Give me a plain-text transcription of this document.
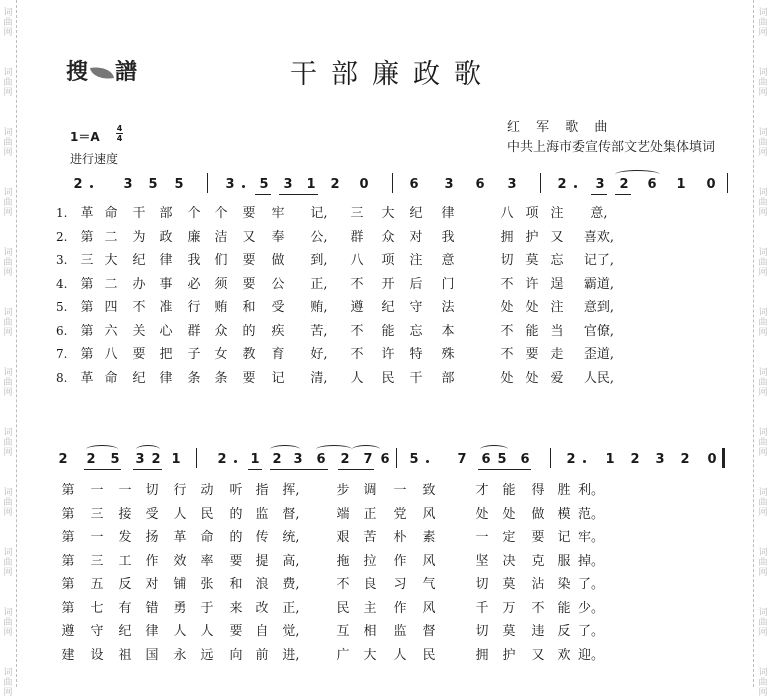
词
曲
网
词
曲
网
词
曲
网
词
曲
网
词
曲
网
词
曲
网
词
曲
网
词
曲
网
词
曲
网
词
曲
网
词
曲
网
词
曲
网
词
曲
网
词
曲
网
词
曲
网
词
曲
网
词
曲
网
词
曲
网
词
曲
网
词
曲
网
词
曲
网
词
曲
网
词
曲
网
词
曲
网
搜 譜	干部廉政歌
红 军 歌 曲
中共上海市委宣传部文艺处集体填词
1＝A
4
4
进行速度
2	3 5 5	3 5 3 1 2 0	6 3 6 3	2 3 2 6 1 0
1.	革 命	干	部	个	个	要	牢	记,	三	大	纪	律	八 项 注	意,
2.	第 二	为	政	廉	洁	又	奉	公,	群	众	对	我	拥 护 又	喜欢,
3.	三 大	纪	律	我	们	要	做	到,	八	项	注	意	切 莫 忘	记了,
4.	第 二	办	事	必	须	要	公	正,	不	开	后	门	不 许 逞	霸道,
5.	第 四	不	准	行	贿	和	受	贿,	遵	纪	守	法	处 处 注	意到,
6.	第 六	关	心	群	众	的	疾	苦,	不	能	忘	本	不 能 当	官僚,
7.	第 八	要	把	子	女	教	育	好,	不	许	特	殊	不 要 走	歪道,
8.	革 命	纪	律	条	条	要	记	清,	人	民	干	部	处 处 爱	人民,
2 2 5 3 2 1	2 1 2 3 6 2 7 6 5	7 6 5 6	2 1 2 3 2 0
第	一	一	切	行	动	听 指	挥,	步	调	一	致	才	能	得 胜 利。
第	三	接	受	人	民	的 监	督,	端	正	党	风	处	处	做 模 范。
第	一	发	扬	革	命	的 传	统,	艰	苦	朴	素	一	定	要 记 牢。
第	三	工	作	效	率	要 提	高,	拖	拉	作	风	坚	决	克 服 掉。
第	五	反	对	铺	张	和 浪	费,	不	良	习	气	切	莫	沾 染 了。
第	七	有	错	勇	于	来 改	正,	民	主	作	风	千	万	不 能 少。
遵	守	纪	律	人	人	要 自	觉,	互	相	监	督	切	莫	违 反 了。
建	设	祖	国	永	远	向 前	进,	广	大	人	民	拥	护	又 欢 迎。
